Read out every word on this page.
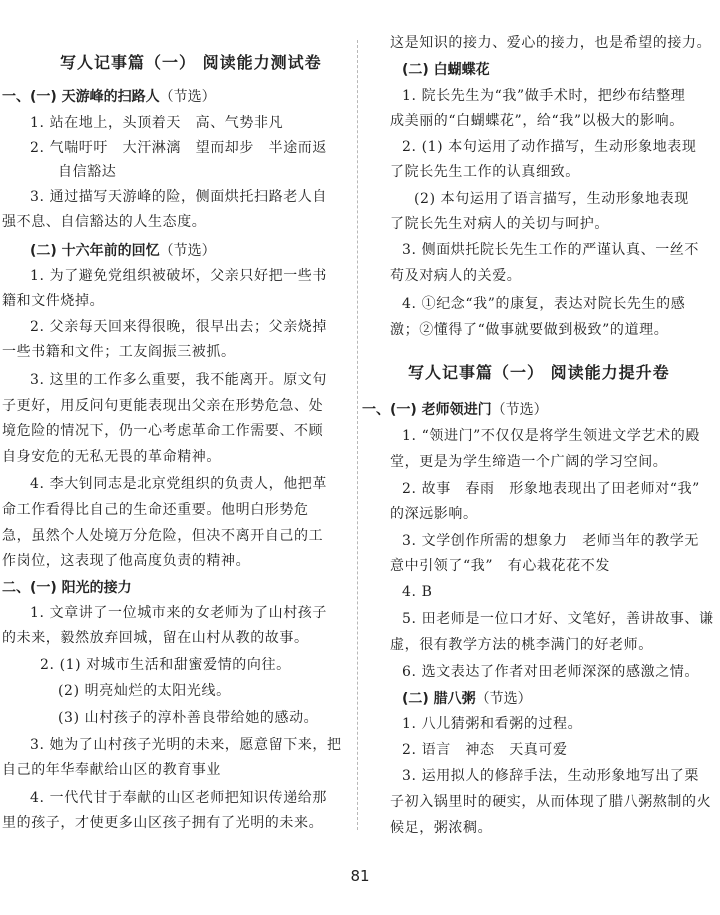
写人记事篇（一） 阅读能力测试卷
一、(一) 天游峰的扫路人（节选）
1. 站在地上，头顶着天　高、气势非凡
2. 气喘吁吁　大汗淋漓　望而却步　半途而返
自信豁达
3. 通过描写天游峰的险，侧面烘托扫路老人自
强不息、自信豁达的人生态度。
(二) 十六年前的回忆（节选）
1. 为了避免党组织被破坏，父亲只好把一些书
籍和文件烧掉。
2. 父亲每天回来得很晚，很早出去；父亲烧掉
一些书籍和文件；工友阎振三被抓。
3. 这里的工作多么重要，我不能离开。原文句
子更好，用反问句更能表现出父亲在形势危急、处
境危险的情况下，仍一心考虑革命工作需要、不顾
自身安危的无私无畏的革命精神。
4. 李大钊同志是北京党组织的负责人，他把革
命工作看得比自己的生命还重要。他明白形势危
急，虽然个人处境万分危险，但决不离开自己的工
作岗位，这表现了他高度负责的精神。
二、(一) 阳光的接力
1. 文章讲了一位城市来的女老师为了山村孩子
的未来，毅然放弃回城，留在山村从教的故事。
2. (1) 对城市生活和甜蜜爱情的向往。
(2) 明亮灿烂的太阳光线。
(3) 山村孩子的淳朴善良带给她的感动。
3. 她为了山村孩子光明的未来，愿意留下来，把
自己的年华奉献给山区的教育事业
4. 一代代甘于奉献的山区老师把知识传递给那
里的孩子，才使更多山区孩子拥有了光明的未来。
这是知识的接力、爱心的接力，也是希望的接力。
(二) 白蝴蝶花
1. 院长先生为“我”做手术时，把纱布结整理
成美丽的“白蝴蝶花”，给“我”以极大的影响。
2. (1) 本句运用了动作描写，生动形象地表现
了院长先生工作的认真细致。
(2) 本句运用了语言描写，生动形象地表现
了院长先生对病人的关切与呵护。
3. 侧面烘托院长先生工作的严谨认真、一丝不
苟及对病人的关爱。
4. ①纪念“我”的康复，表达对院长先生的感
激；②懂得了“做事就要做到极致”的道理。
写人记事篇（一） 阅读能力提升卷
一、(一) 老师领进门（节选）
1. “领进门”不仅仅是将学生领进文学艺术的殿
堂，更是为学生缔造一个广阔的学习空间。
2. 故事　春雨　形象地表现出了田老师对“我”
的深远影响。
3. 文学创作所需的想象力　老师当年的教学无
意中引领了“我”　有心栽花花不发
4. B
5. 田老师是一位口才好、文笔好，善讲故事、谦
虚，很有教学方法的桃李满门的好老师。
6. 选文表达了作者对田老师深深的感激之情。
(二) 腊八粥（节选）
1. 八儿猜粥和看粥的过程。
2. 语言　神态　天真可爱
3. 运用拟人的修辞手法，生动形象地写出了栗
子初入锅里时的硬实，从而体现了腊八粥熬制的火
候足，粥浓稠。
81
